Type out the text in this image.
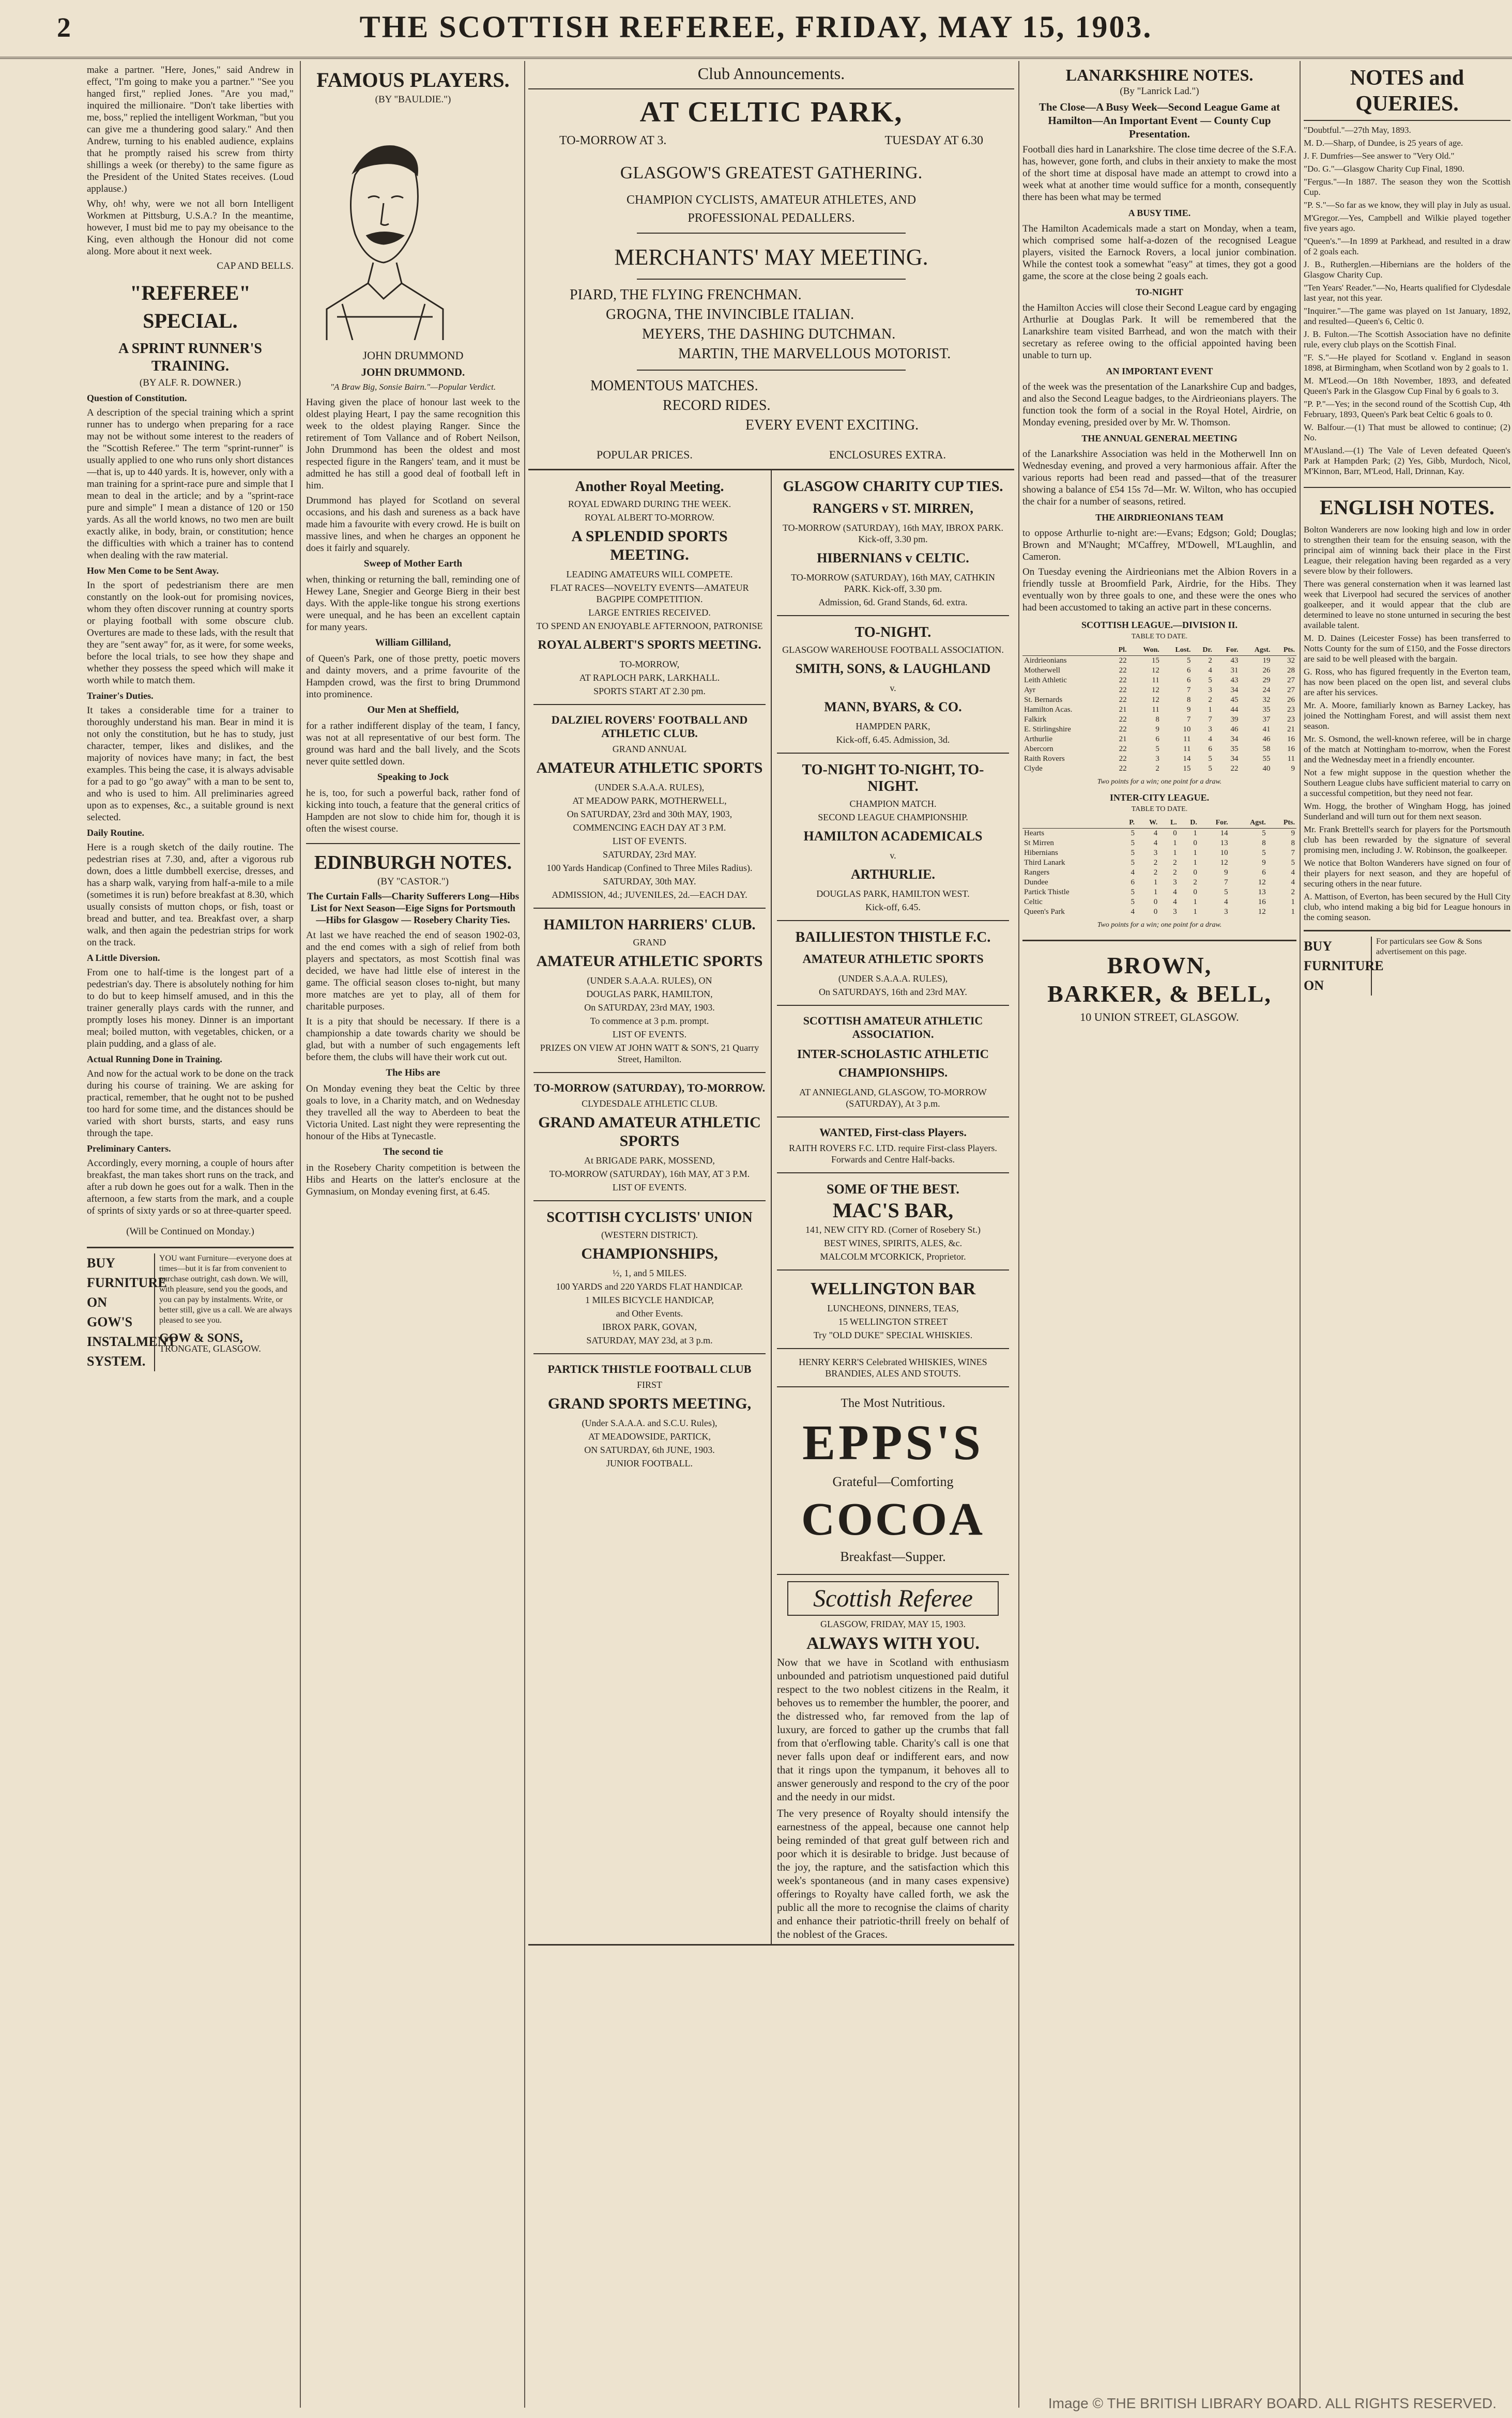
2	THE SCOTTISH REFEREE, FRIDAY, MAY 15, 1903.

make a partner. "Here, Jones," said Andrew in effect, "I'm going to make you a partner." "See you hanged first," replied Jones. "Are you mad," inquired the millionaire. "Don't take liberties with me, boss," replied the intelligent Workman, "but you can give me a thundering good salary." And then Andrew, turning to his enabled audience, explains that he promptly raised his screw from thirty shillings a week (or thereby) to the same figure as the President of the United States receives. (Loud applause.)

Why, oh! why, were we not all born Intelligent Workmen at Pittsburg, U.S.A.? In the meantime, however, I must bid me to pay my obeisance to the King, even although the Honour did not come along. More about it next week.

CAP AND BELLS.
"REFEREE" SPECIAL.
A SPRINT RUNNER'S TRAINING.
(BY ALF. R. DOWNER.)
Question of Constitution.

A description of the special training which a sprint runner has to undergo when preparing for a race may not be without some interest to the readers of the "Scottish Referee." The term "sprint-runner" is usually applied to one who runs only short distances—that is, up to 440 yards. It is, however, only with a man training for a sprint-race pure and simple that I mean to deal in the article; and by a "sprint-race pure and simple" I mean a distance of 120 or 150 yards. As all the world knows, no two men are built exactly alike, in body, brain, or constitution; hence the difficulties with which a trainer has to contend when dealing with the raw material.

How Men Come to be Sent Away.

In the sport of pedestrianism there are men constantly on the look-out for promising novices, whom they often discover running at country sports or playing football with some obscure club. Overtures are made to these lads, with the result that they are "sent away" for, as it were, for some weeks, before the local trials, to see how they shape and whether they possess the speed which will make it worth while to match them.

Trainer's Duties.

It takes a considerable time for a trainer to thoroughly understand his man. Bear in mind it is not only the constitution, but he has to study, just character, temper, likes and dislikes, and the majority of novices have many; in fact, the best examples. This being the case, it is always advisable for a pad to go "go away" with a man to be sent to, and who is used to him. All preliminaries agreed upon as to expenses, &c., a suitable ground is next selected.

Daily Routine.

Here is a rough sketch of the daily routine. The pedestrian rises at 7.30, and, after a vigorous rub down, does a little dumbbell exercise, dresses, and has a sharp walk, varying from half-a-mile to a mile (sometimes it is run) before breakfast at 8.30, which usually consists of mutton chops, or fish, toast or bread and butter, and tea. Breakfast over, a sharp walk, and then again the pedestrian strips for work on the track.

A Little Diversion.

From one to half-time is the longest part of a pedestrian's day. There is absolutely nothing for him to do but to keep himself amused, and in this the trainer generally plays cards with the runner, and promptly loses his money. Dinner is an important meal; boiled mutton, with vegetables, chicken, or a plain pudding, and a glass of ale.

Actual Running Done in Training.

And now for the actual work to be done on the track during his course of training. We are asking for practical, remember, that he ought not to be pushed too hard for some time, and the distances should be varied with short bursts, starts, and easy runs through the tape.

Preliminary Canters.

Accordingly, every morning, a couple of hours after breakfast, the man takes short runs on the track, and after a rub down he goes out for a walk. Then in the afternoon, a few starts from the mark, and a couple of sprints of sixty yards or so at three-quarter speed.

(Will be Continued on Monday.)
BUY
FURNITURE
ON
GOW'S
INSTALMENT
SYSTEM.
YOU want Furniture—everyone does at times—but it is far from convenient to purchase outright, cash down. We will, with pleasure, send you the goods, and you can pay by instalments. Write, or better still, give us a call. We are always pleased to see you.
GOW & SONS,
TRONGATE, GLASGOW.
FAMOUS PLAYERS.
(BY "BAULDIE.")
JOHN DRUMMOND
JOHN DRUMMOND.
"A Braw Big, Sonsie Bairn."—Popular Verdict.

Having given the place of honour last week to the oldest playing Heart, I pay the same recognition this week to the oldest playing Ranger. Since the retirement of Tom Vallance and of Robert Neilson, John Drummond has been the oldest and most respected figure in the Rangers' team, and it must be admitted he has still a good deal of football left in him.

Drummond has played for Scotland on several occasions, and his dash and sureness as a back have made him a favourite with every crowd. He is built on massive lines, and when he charges an opponent he does it fairly and squarely.

Sweep of Mother Earth

when, thinking or returning the ball, reminding one of Hewey Lane, Snegier and George Bierg in their best days. With the apple-like tongue his strong exertions were unequal, and he has been an excellent captain for many years.

William Gilliland,

of Queen's Park, one of those pretty, poetic movers and dainty movers, and a prime favourite of the Hampden crowd, was the first to bring Drummond into prominence.

Our Men at Sheffield,

for a rather indifferent display of the team, I fancy, was not at all representative of our best form. The ground was hard and the ball lively, and the Scots never quite settled down.

Speaking to Jock

he is, too, for such a powerful back, rather fond of kicking into touch, a feature that the general critics of Hampden are not slow to chide him for, though it is often the wisest course.

EDINBURGH NOTES.
(BY "CASTOR.")
The Curtain Falls—Charity Sufferers Long—Hibs List for Next Season—Eige Signs for Portsmouth—Hibs for Glasgow — Rosebery Charity Ties.

At last we have reached the end of season 1902-03, and the end comes with a sigh of relief from both players and spectators, as most Scottish final was decided, we have had little else of interest in the game. The official season closes to-night, but many more matches are yet to play, all of them for charitable purposes.

It is a pity that should be necessary. If there is a championship a date towards charity we should be glad, but with a number of such engagements left before them, the clubs will have their work cut out.

The Hibs are

On Monday evening they beat the Celtic by three goals to love, in a Charity match, and on Wednesday they travelled all the way to Aberdeen to beat the Victoria United. Last night they were representing the honour of the Hibs at Tynecastle.

The second tie

in the Rosebery Charity competition is between the Hibs and Hearts on the latter's enclosure at the Gymnasium, on Monday evening first, at 6.45.

Club Announcements.
AT CELTIC PARK,
TO-MORROW AT 3.	TUESDAY AT 6.30
GLASGOW'S GREATEST GATHERING.
CHAMPION CYCLISTS, AMATEUR ATHLETES, AND
PROFESSIONAL PEDALLERS.
MERCHANTS' MAY MEETING.
PIARD, THE FLYING FRENCHMAN.
GROGNA, THE INVINCIBLE ITALIAN.
MEYERS, THE DASHING DUTCHMAN.
MARTIN, THE MARVELLOUS MOTORIST.
MOMENTOUS MATCHES.
RECORD RIDES.
EVERY EVENT EXCITING.
POPULAR PRICES.	ENCLOSURES EXTRA.
Another Royal Meeting.

ROYAL EDWARD DURING THE WEEK.

ROYAL ALBERT TO-MORROW.

A SPLENDID SPORTS MEETING.

LEADING AMATEURS WILL COMPETE.

FLAT RACES—NOVELTY EVENTS—AMATEUR BAGPIPE COMPETITION.

LARGE ENTRIES RECEIVED.

TO SPEND AN ENJOYABLE AFTERNOON, PATRONISE

ROYAL ALBERT'S SPORTS MEETING.

TO-MORROW,

AT RAPLOCH PARK, LARKHALL.

SPORTS START AT 2.30 pm.

DALZIEL ROVERS' FOOTBALL AND ATHLETIC CLUB.

GRAND ANNUAL

AMATEUR ATHLETIC SPORTS

(UNDER S.A.A.A. RULES),

AT MEADOW PARK, MOTHERWELL,

On SATURDAY, 23rd and 30th MAY, 1903,

COMMENCING EACH DAY AT 3 P.M.

LIST OF EVENTS.

SATURDAY, 23rd MAY.

100 Yards Handicap (Confined to Three Miles Radius).

SATURDAY, 30th MAY.

ADMISSION, 4d.; JUVENILES, 2d.—EACH DAY.

HAMILTON HARRIERS' CLUB.

GRAND

AMATEUR ATHLETIC SPORTS

(UNDER S.A.A.A. RULES), ON

DOUGLAS PARK, HAMILTON,

On SATURDAY, 23rd MAY, 1903.

To commence at 3 p.m. prompt.

LIST OF EVENTS.

PRIZES ON VIEW AT JOHN WATT & SON'S, 21 Quarry Street, Hamilton.

TO-MORROW (SATURDAY), TO-MORROW.

CLYDESDALE ATHLETIC CLUB.

GRAND AMATEUR ATHLETIC SPORTS

At BRIGADE PARK, MOSSEND,

TO-MORROW (SATURDAY), 16th MAY, AT 3 P.M.

LIST OF EVENTS.

SCOTTISH CYCLISTS' UNION

(WESTERN DISTRICT).

CHAMPIONSHIPS,

½, 1, and 5 MILES.

100 YARDS and 220 YARDS FLAT HANDICAP.

1 MILES BICYCLE HANDICAP,

and Other Events.

IBROX PARK, GOVAN,

SATURDAY, MAY 23d, at 3 p.m.

PARTICK THISTLE FOOTBALL CLUB

FIRST

GRAND SPORTS MEETING,

(Under S.A.A.A. and S.C.U. Rules),

AT MEADOWSIDE, PARTICK,

ON SATURDAY, 6th JUNE, 1903.

JUNIOR FOOTBALL.

GLASGOW CHARITY CUP TIES.
RANGERS v ST. MIRREN,

TO-MORROW (SATURDAY), 16th MAY, IBROX PARK. Kick-off, 3.30 pm.

HIBERNIANS v CELTIC.

TO-MORROW (SATURDAY), 16th MAY, CATHKIN PARK. Kick-off, 3.30 pm.

Admission, 6d. Grand Stands, 6d. extra.

TO-NIGHT.

GLASGOW WAREHOUSE FOOTBALL ASSOCIATION.

SMITH, SONS, & LAUGHLAND

v.

MANN, BYARS, & CO.

HAMPDEN PARK,

Kick-off, 6.45. Admission, 3d.

TO-NIGHT TO-NIGHT, TO-NIGHT.

CHAMPION MATCH.

SECOND LEAGUE CHAMPIONSHIP.

HAMILTON ACADEMICALS

v.

ARTHURLIE.

DOUGLAS PARK, HAMILTON WEST.

Kick-off, 6.45.

BAILLIESTON THISTLE F.C.
AMATEUR ATHLETIC SPORTS

(UNDER S.A.A.A. RULES),

On SATURDAYS, 16th and 23rd MAY.

SCOTTISH AMATEUR ATHLETIC ASSOCIATION.
INTER-SCHOLASTIC ATHLETIC CHAMPIONSHIPS.

AT ANNIEGLAND, GLASGOW, TO-MORROW (SATURDAY), At 3 p.m.

WANTED, First-class Players.

RAITH ROVERS F.C. LTD. require First-class Players. Forwards and Centre Half-backs.

SOME OF THE BEST.
MAC'S BAR,

141, NEW CITY RD. (Corner of Rosebery St.)

BEST WINES, SPIRITS, ALES, &c.

MALCOLM M'CORKICK, Proprietor.

WELLINGTON BAR

LUNCHEONS, DINNERS, TEAS,

15 WELLINGTON STREET

Try "OLD DUKE" SPECIAL WHISKIES.

HENRY KERR'S Celebrated WHISKIES, WINES BRANDIES, ALES AND STOUTS.

The Most Nutritious.
EPPS'S
Grateful—Comforting
COCOA
Breakfast—Supper.
Scottish Referee
GLASGOW, FRIDAY, MAY 15, 1903.
ALWAYS WITH YOU.

Now that we have in Scotland with enthusiasm unbounded and patriotism unquestioned paid dutiful respect to the two noblest citizens in the Realm, it behoves us to remember the humbler, the poorer, and the distressed who, far removed from the lap of luxury, are forced to gather up the crumbs that fall from that o'erflowing table. Charity's call is one that never falls upon deaf or indifferent ears, and now that it rings upon the tympanum, it behoves all to answer generously and respond to the cry of the poor and the needy in our midst.

The very presence of Royalty should intensify the earnestness of the appeal, because one cannot help being reminded of that great gulf between rich and poor which it is desirable to bridge. Just because of the joy, the rapture, and the satisfaction which this week's spontaneous (and in many cases expensive) offerings to Royalty have called forth, we ask the public all the more to recognise the claims of charity and enhance their patriotic-thrill freely on behalf of the noblest of the Graces.

LANARKSHIRE NOTES.
(By "Lanrick Lad.")
The Close—A Busy Week—Second League Game at Hamilton—An Important Event — County Cup Presentation.

Football dies hard in Lanarkshire. The close time decree of the S.F.A. has, however, gone forth, and clubs in their anxiety to make the most of the short time at disposal have made an attempt to crowd into a week what at another time would suffice for a month, consequently there has been what may be termed

A BUSY TIME.

The Hamilton Academicals made a start on Monday, when a team, which comprised some half-a-dozen of the recognised League players, visited the Earnock Rovers, a local junior combination. While the contest took a somewhat "easy" at times, they got a good game, the score at the close being 2 goals each.

TO-NIGHT

the Hamilton Accies will close their Second League card by engaging Arthurlie at Douglas Park. It will be remembered that the Lanarkshire team visited Barrhead, and won the match with their secretary as referee owing to the official appointed having been unable to turn up.

AN IMPORTANT EVENT

of the week was the presentation of the Lanarkshire Cup and badges, and also the Second League badges, to the Airdrieonians players. The function took the form of a social in the Royal Hotel, Airdrie, on Monday evening, presided over by Mr. W. Thomson.

THE ANNUAL GENERAL MEETING

of the Lanarkshire Association was held in the Motherwell Inn on Wednesday evening, and proved a very harmonious affair. After the various reports had been read and passed—that of the treasurer showing a balance of £54 15s 7d—Mr. W. Wilton, who has occupied the chair for a number of seasons, retired.

THE AIRDRIEONIANS TEAM

to oppose Arthurlie to-night are:—Evans; Edgson; Gold; Douglas; Brown and M'Naught; M'Caffrey, M'Dowell, M'Laughlin, and Cameron.

On Tuesday evening the Airdrieonians met the Albion Rovers in a friendly tussle at Broomfield Park, Airdrie, for the Hibs. They eventually won by three goals to one, and these were the ones who had been accustomed to taking an active part in these concerns.

SCOTTISH LEAGUE.—DIVISION II.
TABLE TO DATE.
	Pl.	Won.	Lost.	Dr.	For.	Agst.	Pts.
Airdrieonians	22	15	5	2	43	19	32
Motherwell	22	12	6	4	31	26	28
Leith Athletic	22	11	6	5	43	29	27
Ayr	22	12	7	3	34	24	27
St. Bernards	22	12	8	2	45	32	26
Hamilton Acas.	21	11	9	1	44	35	23
Falkirk	22	8	7	7	39	37	23
E. Stirlingshire	22	9	10	3	46	41	21
Arthurlie	21	6	11	4	34	46	16
Abercorn	22	5	11	6	35	58	16
Raith Rovers	22	3	14	5	34	55	11
Clyde	22	2	15	5	22	40	9
Two points for a win; one point for a draw.
INTER-CITY LEAGUE.
TABLE TO DATE.
	P.	W.	L.	D.	For.	Agst.	Pts.
Hearts	5	4	0	1	14	5	9
St Mirren	5	4	1	0	13	8	8
Hibernians	5	3	1	1	10	5	7
Third Lanark	5	2	2	1	12	9	5
Rangers	4	2	2	0	9	6	4
Dundee	6	1	3	2	7	12	4
Partick Thistle	5	1	4	0	5	13	2
Celtic	5	0	4	1	4	16	1
Queen's Park	4	0	3	1	3	12	1
Two points for a win; one point for a draw.
BROWN,
BARKER, & BELL,
10 UNION STREET, GLASGOW.
NOTES and QUERIES.

"Doubtful."—27th May, 1893.

M. D.—Sharp, of Dundee, is 25 years of age.

J. F. Dumfries—See answer to "Very Old."

"Do. G."—Glasgow Charity Cup Final, 1890.

"Fergus."—In 1887. The season they won the Scottish Cup.

"P. S."—So far as we know, they will play in July as usual.

M'Gregor.—Yes, Campbell and Wilkie played together five years ago.

"Queen's."—In 1899 at Parkhead, and resulted in a draw of 2 goals each.

J. B., Rutherglen.—Hibernians are the holders of the Glasgow Charity Cup.

"Ten Years' Reader."—No, Hearts qualified for Clydesdale last year, not this year.

"Inquirer."—The game was played on 1st January, 1892, and resulted—Queen's 6, Celtic 0.

J. B. Fulton.—The Scottish Association have no definite rule, every club plays on the Scottish Final.

"F. S."—He played for Scotland v. England in season 1898, at Birmingham, when Scotland won by 2 goals to 1.

M. M'Leod.—On 18th November, 1893, and defeated Queen's Park in the Glasgow Cup Final by 6 goals to 3.

"P. P."—Yes; in the second round of the Scottish Cup, 4th February, 1893, Queen's Park beat Celtic 6 goals to 0.

W. Balfour.—(1) That must be allowed to continue; (2) No.

M'Ausland.—(1) The Vale of Leven defeated Queen's Park at Hampden Park; (2) Yes, Gibb, Murdoch, Nicol, M'Kinnon, Barr, M'Leod, Hall, Drinnan, Kay.

ENGLISH NOTES.

Bolton Wanderers are now looking high and low in order to strengthen their team for the ensuing season, with the principal aim of winning back their place in the First League, their relegation having been regarded as a very severe blow by their followers.

There was general consternation when it was learned last week that Liverpool had secured the services of another goalkeeper, and it would appear that the club are determined to leave no stone unturned in securing the best available talent.

M. D. Daines (Leicester Fosse) has been transferred to Notts County for the sum of £150, and the Fosse directors are said to be well pleased with the bargain.

G. Ross, who has figured frequently in the Everton team, has now been placed on the open list, and several clubs are after his services.

Mr. A. Moore, familiarly known as Barney Lackey, has joined the Nottingham Forest, and will assist them next season.

Mr. S. Osmond, the well-known referee, will be in charge of the match at Nottingham to-morrow, when the Forest and the Wednesday meet in a friendly encounter.

Not a few might suppose in the question whether the Southern League clubs have sufficient material to carry on a successful competition, but they need not fear.

Wm. Hogg, the brother of Wingham Hogg, has joined Sunderland and will turn out for them next season.

Mr. Frank Brettell's search for players for the Portsmouth club has been rewarded by the signature of several promising men, including J. W. Robinson, the goalkeeper.

We notice that Bolton Wanderers have signed on four of their players for next season, and they are hopeful of securing others in the near future.

A. Mattison, of Everton, has been secured by the Hull City club, who intend making a big bid for League honours in the coming season.

BUY
FURNITURE
ON
For particulars see Gow & Sons advertisement on this page.
Image © THE BRITISH LIBRARY BOARD. ALL RIGHTS RESERVED.
